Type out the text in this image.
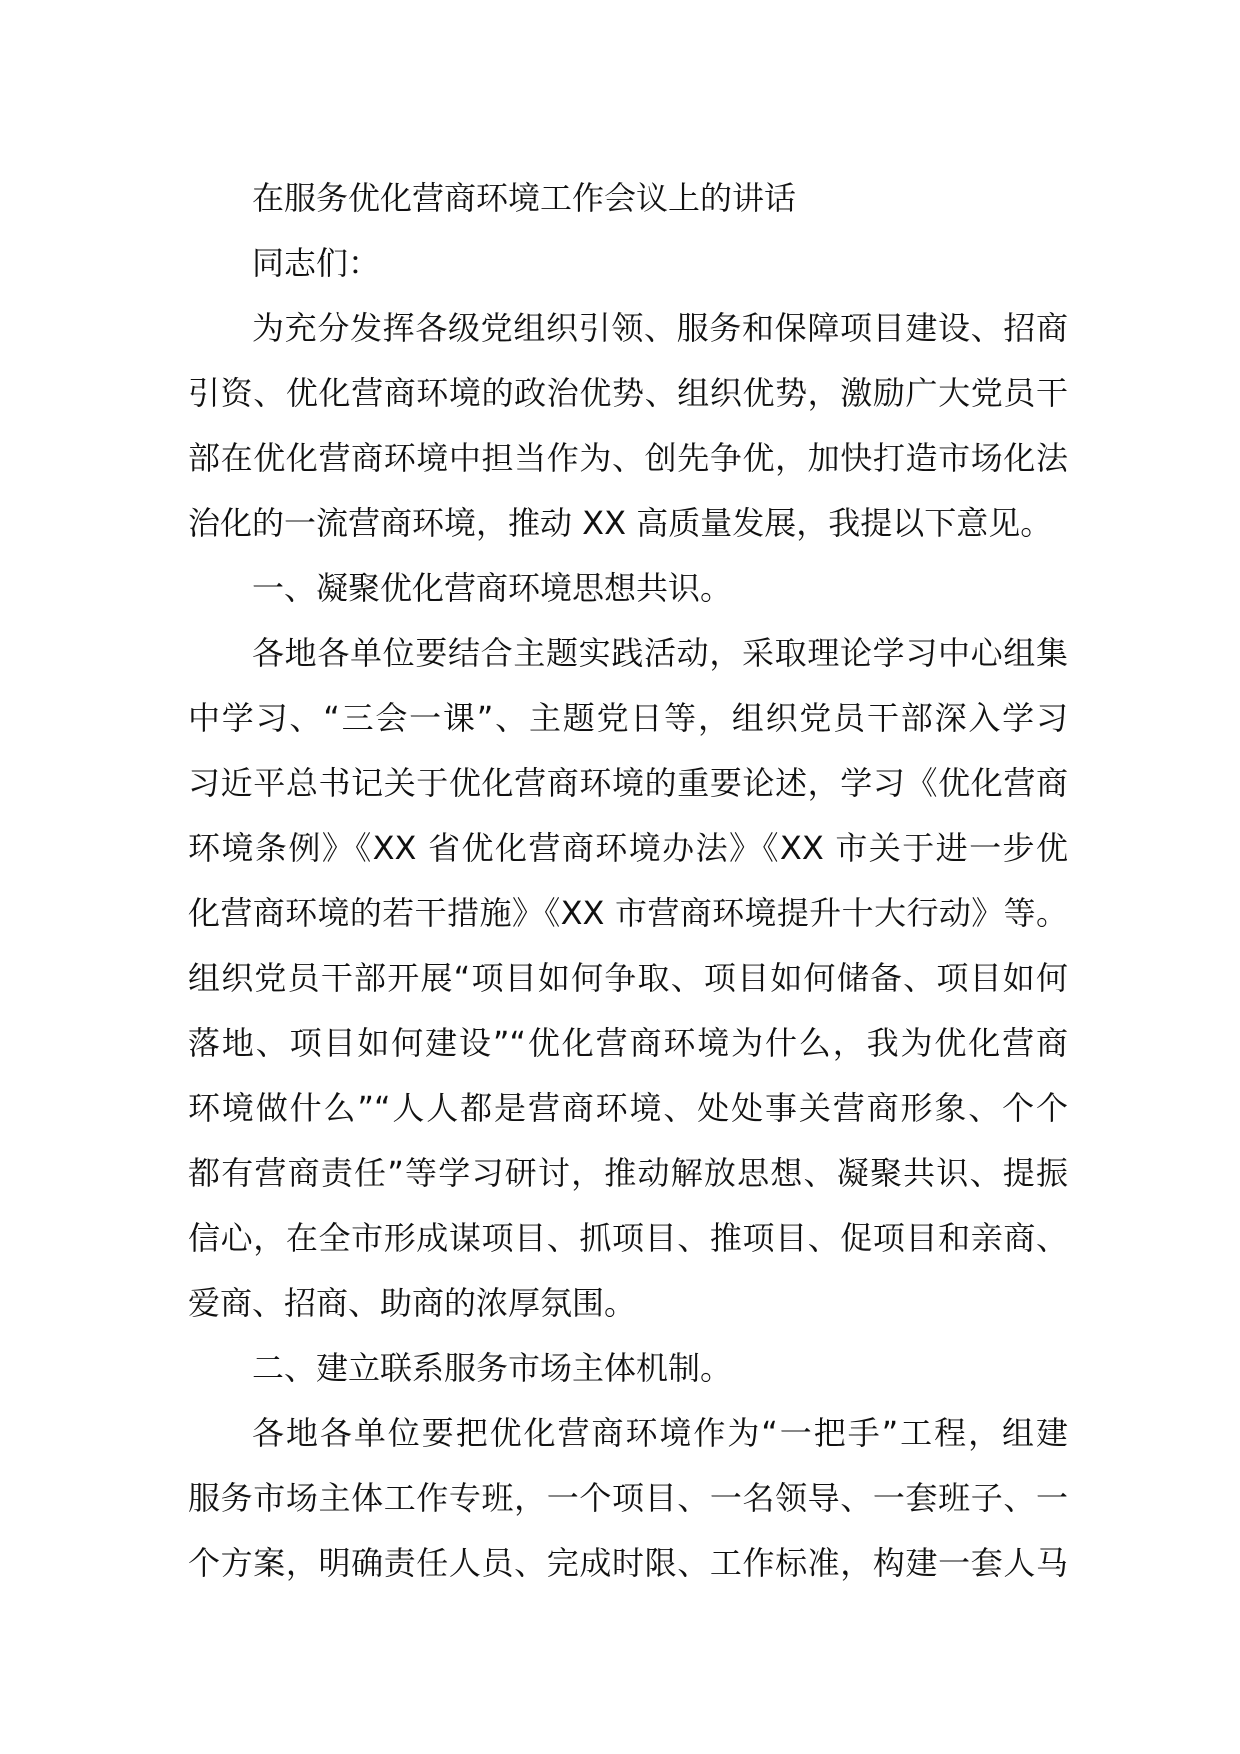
在服务优化营商环境工作会议上的讲话
同志们：
为充分发挥各级党组织引领、服务和保障项目建设、招商
引资、优化营商环境的政治优势、组织优势，激励广大党员干
部在优化营商环境中担当作为、创先争优，加快打造市场化法
治化的一流营商环境，推动 XX 高质量发展，我提以下意见。
一、凝聚优化营商环境思想共识。
各地各单位要结合主题实践活动，采取理论学习中心组集
中学习、“三会一课”、主题党日等，组织党员干部深入学习
习近平总书记关于优化营商环境的重要论述，学习《优化营商
环境条例》《XX 省优化营商环境办法》《XX 市关于进一步优
化营商环境的若干措施》《XX 市营商环境提升十大行动》等。
组织党员干部开展“项目如何争取、项目如何储备、项目如何
落地、项目如何建设”“优化营商环境为什么，我为优化营商
环境做什么”“人人都是营商环境、处处事关营商形象、个个
都有营商责任”等学习研讨，推动解放思想、凝聚共识、提振
信心，在全市形成谋项目、抓项目、推项目、促项目和亲商、
爱商、招商、助商的浓厚氛围。
二、建立联系服务市场主体机制。
各地各单位要把优化营商环境作为“一把手”工程，组建
服务市场主体工作专班，一个项目、一名领导、一套班子、一
个方案，明确责任人员、完成时限、工作标准，构建一套人马
